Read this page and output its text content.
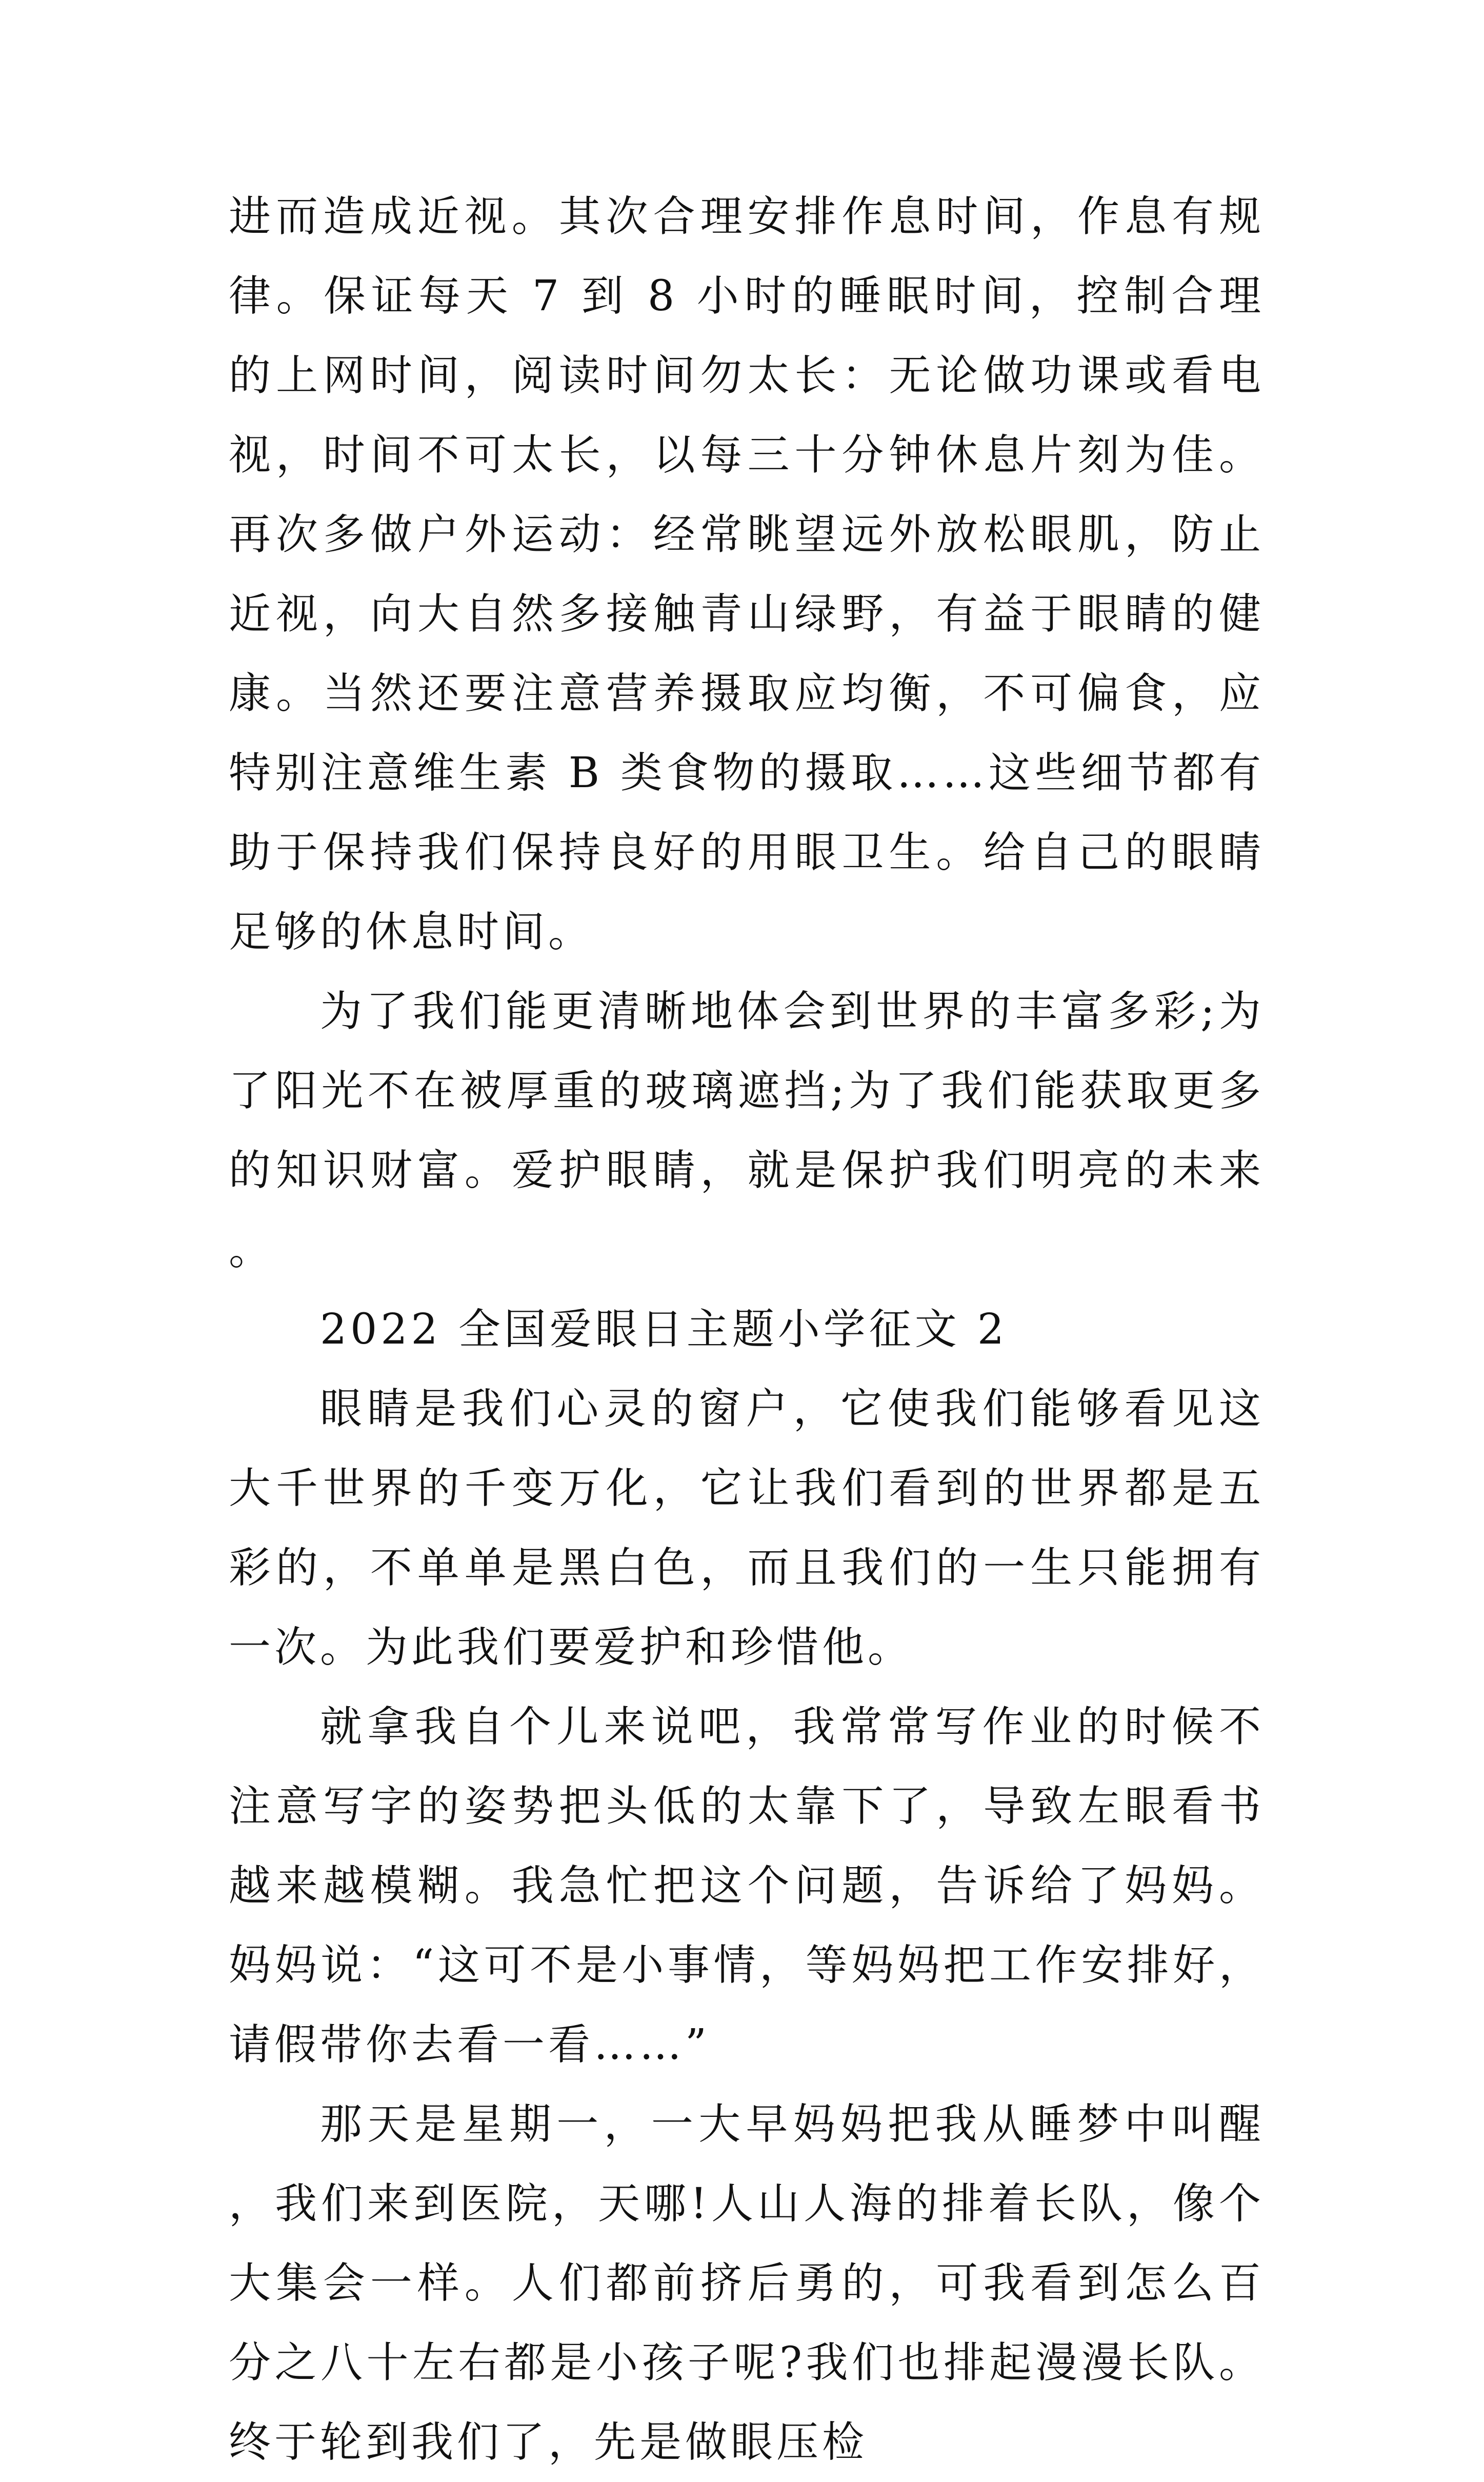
进而造成近视。其次合理安排作息时间，作息有规律。保证每天 7 到 8 小时的睡眠时间，控制合理的上网时间，阅读时间勿太长：无论做功课或看电视，时间不可太长，以每三十分钟休息片刻为佳。再次多做户外运动：经常眺望远外放松眼肌，防止近视，向大自然多接触青山绿野，有益于眼睛的健康。当然还要注意营养摄取应均衡，不可偏食，应特别注意维生素 B 类食物的摄取……这些细节都有助于保持我们保持良好的用眼卫生。给自己的眼睛足够的休息时间。

为了我们能更清晰地体会到世界的丰富多彩;为了阳光不在被厚重的玻璃遮挡;为了我们能获取更多的知识财富。爱护眼睛，就是保护我们明亮的未来。

2022 全国爱眼日主题小学征文 2

眼睛是我们心灵的窗户，它使我们能够看见这大千世界的千变万化，它让我们看到的世界都是五彩的，不单单是黑白色，而且我们的一生只能拥有一次。为此我们要爱护和珍惜他。

就拿我自个儿来说吧，我常常写作业的时候不注意写字的姿势把头低的太靠下了，导致左眼看书越来越模糊。我急忙把这个问题，告诉给了妈妈。妈妈说：“这可不是小事情，等妈妈把工作安排好，请假带你去看一看……”

那天是星期一，一大早妈妈把我从睡梦中叫醒，我们来到医院，天哪!人山人海的排着长队，像个大集会一样。人们都前挤后勇的，可我看到怎么百分之八十左右都是小孩子呢?我们也排起漫漫长队。终于轮到我们了，先是做眼压检
